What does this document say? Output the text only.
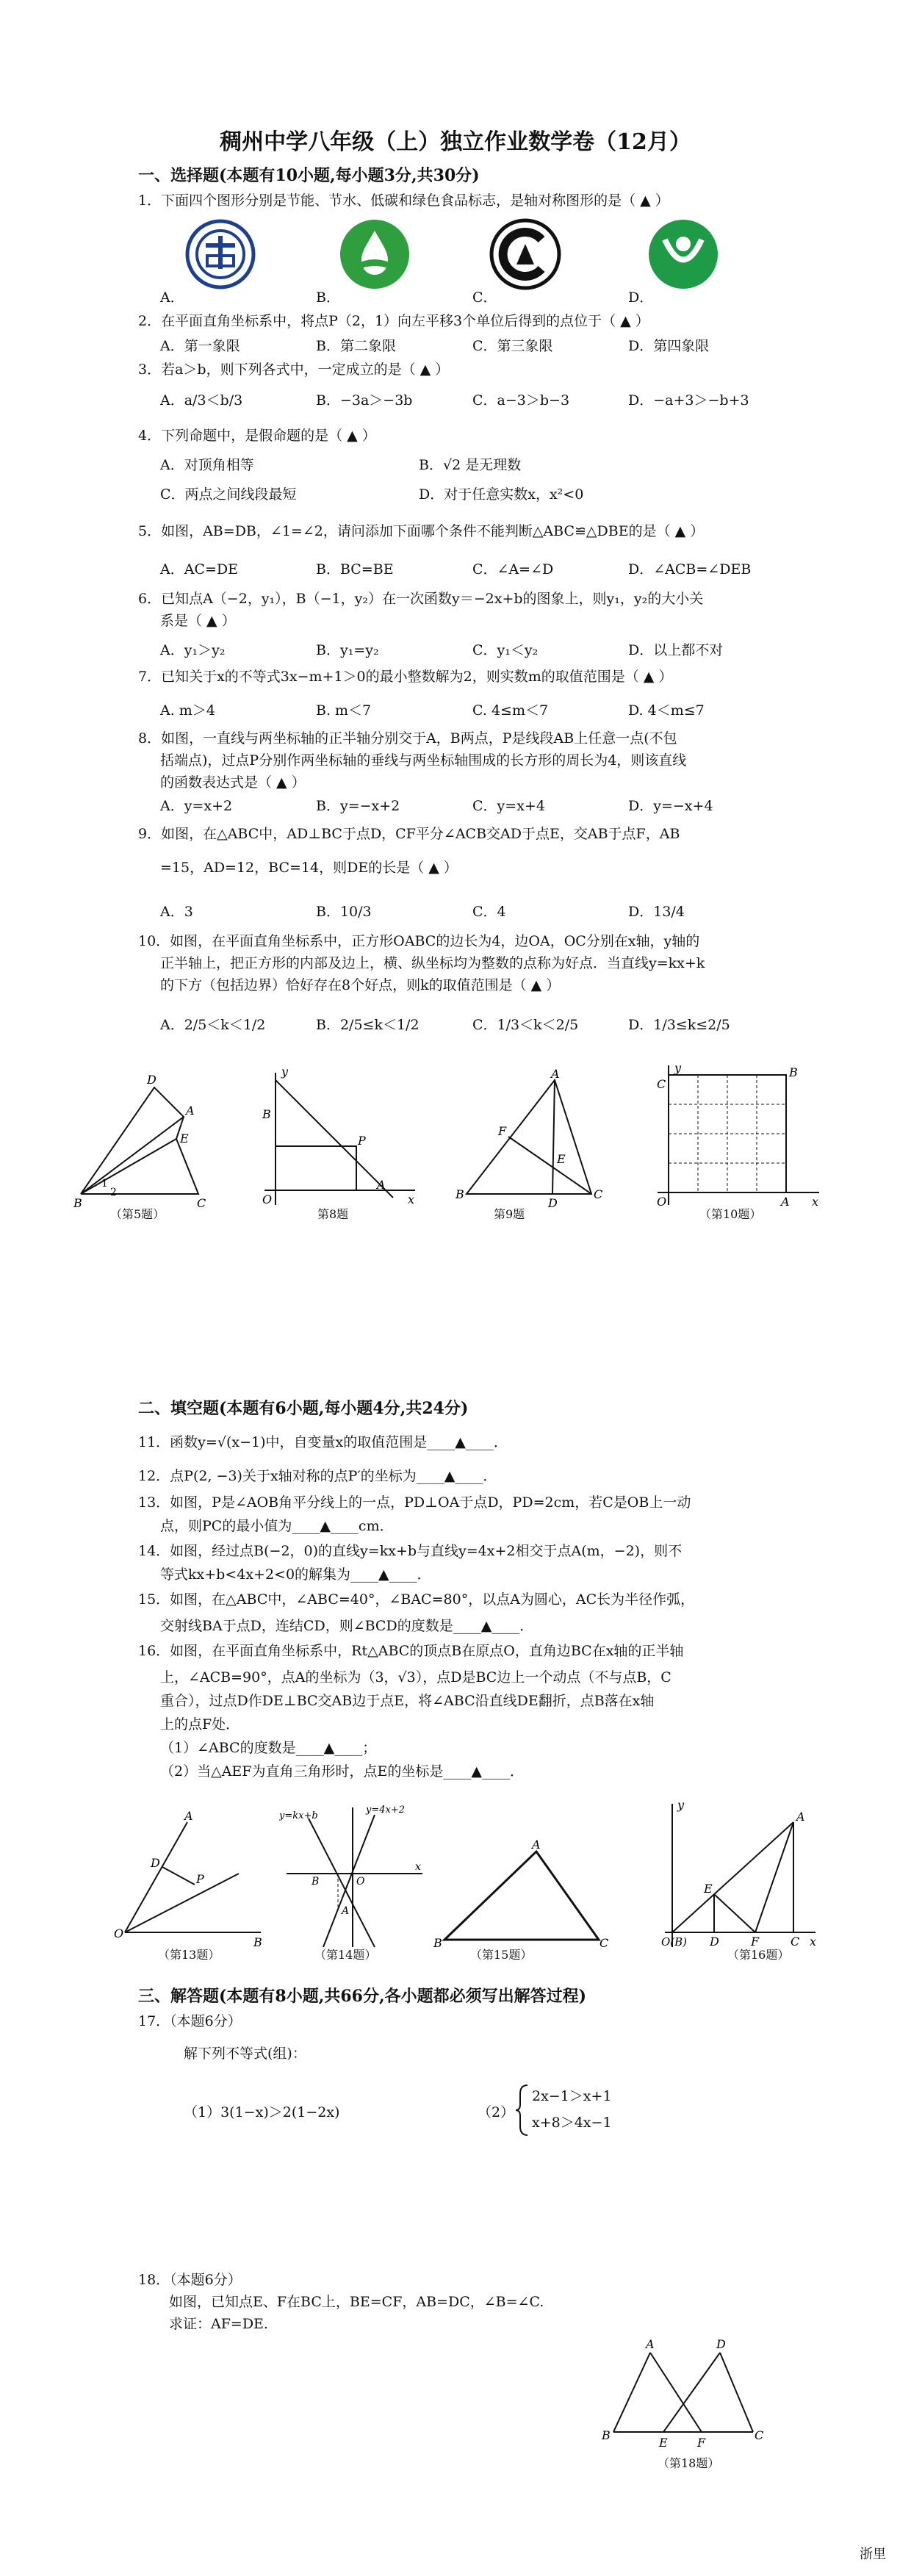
稠州中学八年级（上）独立作业数学卷（12月）
一、选择题(本题有10小题,每小题3分,共30分)
1．下面四个图形分别是节能、节水、低碳和绿色食品标志，是轴对称图形的是（ ▲ ）
A．	B．	C．	D．
2．在平面直角坐标系中，将点P（2，1）向左平移3个单位后得到的点位于（ ▲ ）
A．第一象限	B．第二象限	C．第三象限	D．第四象限
3．若a＞b，则下列各式中，一定成立的是（ ▲ ）
A．a/3＜b/3	B．−3a＞−3b	C．a−3＞b−3	D．−a+3＞−b+3
4．下列命题中，是假命题的是（ ▲ ）
A．对顶角相等	B．√2 是无理数
C．两点之间线段最短	D．对于任意实数x，x²<0
5．如图，AB=DB，∠1=∠2，请问添加下面哪个条件不能判断△ABC≌△DBE的是（ ▲ ）
A．AC=DE	B．BC=BE	C．∠A=∠D	D．∠ACB=∠DEB
6．已知点A（−2，y₁），B（−1，y₂）在一次函数y＝−2x+b的图象上，则y₁，y₂的大小关
系是（ ▲ ）
A．y₁＞y₂	B．y₁=y₂	C．y₁＜y₂	D．以上都不对
7．已知关于x的不等式3x−m+1＞0的最小整数解为2，则实数m的取值范围是（ ▲ ）
A. m＞4	B. m＜7	C. 4≤m＜7	D. 4＜m≤7
8．如图，一直线与两坐标轴的正半轴分别交于A，B两点，P是线段AB上任意一点(不包
括端点)，过点P分别作两坐标轴的垂线与两坐标轴围成的长方形的周长为4，则该直线
的函数表达式是（ ▲ ）
A．y=x+2	B．y=−x+2	C．y=x+4	D．y=−x+4
9．如图，在△ABC中，AD⊥BC于点D，CF平分∠ACB交AD于点E，交AB于点F，AB
=15，AD=12，BC=14，则DE的长是（ ▲ ）
A．3	B．10/3	C．4	D．13/4
10．如图，在平面直角坐标系中，正方形OABC的边长为4，边OA，OC分别在x轴，y轴的
正半轴上，把正方形的内部及边上，横、纵坐标均为整数的点称为好点．当直线y=kx+k
的下方（包括边界）恰好存在8个好点，则k的取值范围是（ ▲ ）
A．2/5＜k＜1/2	B．2/5≤k＜1/2	C．1/3＜k＜2/5	D．1/3≤k≤2/5
D
A
E
B	C
1
2
（第5题）
B
P
A
O	x
y
第8题
A
F
E
B	C
D
第9题
C
B
O	A x
y
（第10题）
二、填空题(本题有6小题,每小题4分,共24分)
11．函数y=√(x−1)中，自变量x的取值范围是____▲____．
12．点P(2, −3)关于x轴对称的点P′的坐标为____▲____．
13．如图，P是∠AOB角平分线上的一点，PD⊥OA于点D，PD=2cm，若C是OB上一动
点，则PC的最小值为____▲____cm．
14．如图，经过点B(−2，0)的直线y=kx+b与直线y=4x+2相交于点A(m，−2)，则不
等式kx+b<4x+2<0的解集为____▲____．
15．如图，在△ABC中，∠ABC=40°，∠BAC=80°，以点A为圆心，AC长为半径作弧，
交射线BA于点D，连结CD，则∠BCD的度数是____▲____．
16．如图，在平面直角坐标系中，Rt△ABC的顶点B在原点O，直角边BC在x轴的正半轴
上，∠ACB=90°，点A的坐标为（3，√3），点D是BC边上一个动点（不与点B，C
重合），过点D作DE⊥BC交AB边于点E，将∠ABC沿直线DE翻折，点B落在x轴
上的点F处．
（1）∠ABC的度数是____▲____；
（2）当△AEF为直角三角形时，点E的坐标是____▲____．
A
D
P
O
B
（第13题）
y=kx+b
y=4x+2
B	O
A
x
（第14题）
A
B	C
（第15题）
y
A
E
O(B) D	F	C x
（第16题）
三、解答题(本题有8小题,共66分,各小题都必须写出解答过程)
17．（本题6分）
解下列不等式(组)：
（1）3(1−x)＞2(1−2x)	（2）
2x−1＞x+1
x+8＞4x−1
18．（本题6分）
如图，已知点E、F在BC上，BE=CF，AB=DC，∠B=∠C.
求证：AF=DE.
A	D
B
E	F
C
（第18题）
浙里
